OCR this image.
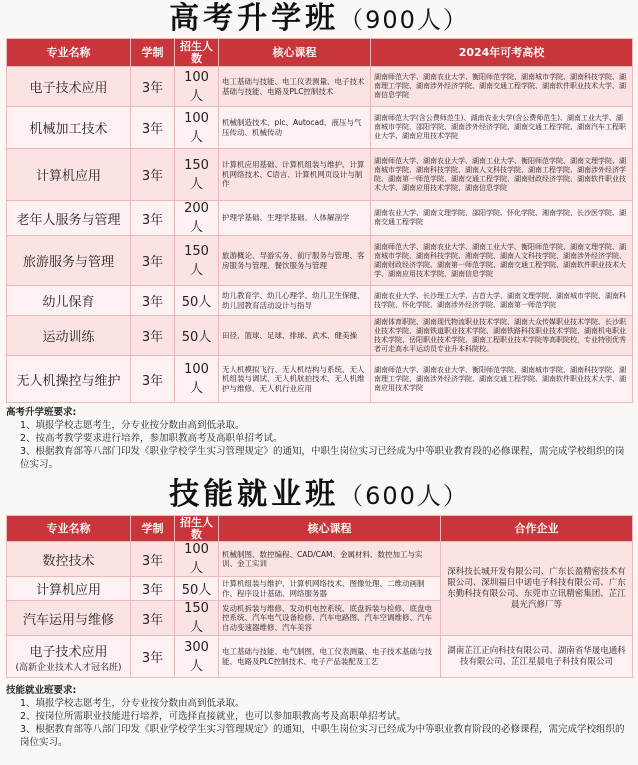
高考升学班（900人）
专业名称	学制	招生人数	核心课程	2024年可考高校
电子技术应用	3年	100人	电工基础与技能、电工仪表测量、电子技术基础与技能、电路及PLC控制技术	湖南师范大学、湖南农业大学、衡阳师范学院、湖南城市学院、湖南科技学院、湖南理工学院、湖南涉外经济学院、湖南交通工程学院、湖南软件职业技术大学、湖南信息学院
机械加工技术	3年	100人	机械制造技术、plc、Autocad、液压与气压传动、机械传动	湖南师范大学(含公费师范生)、湖南农业大学(含公费师范生)、湖南工业大学、湖南城市学院、邵阳学院、湖南涉外经济学院、湖南交通工程学院、湖南汽车工程职业大学、湖南应用技术学院
计算机应用	3年	150人	计算机应用基础、计算机组装与维护、计算机网络技术、C语言、计算机网页设计与制作	湖南师范大学、湖南农业大学、湖南工业大学、衡阳师范学院、湖南文理学院、湖南城市学院、湖南科技学院、湖南人文科技学院、湖南工程学院、湖南涉外经济学院、湖南第一师范学院、湖南交通工程学院、湖南财政经济学院、湖南软件职业技术大学、湖南应用技术学院、湖南信息学院
老年人服务与管理	3年	200人	护理学基础、生理学基础、人体解剖学	湖南农业大学、湖南文理学院、邵阳学院、怀化学院、湘南学院、长沙医学院、湖南交通工程学院
旅游服务与管理	3年	150人	旅游概论、导游实务、前厅服务与管理、客房服务与管理、餐饮服务与管理	湖南师范大学、湖南农业大学、湖南工业大学、衡阳师范学院、湖南文理学院、湖南城市学院、湖南科技学院、湘南学院、湖南人文科技学院、湖南涉外经济学院、湖南财政经济学院、湖南第一师范学院、湖南交通工程学院、湖南软件职业技术大学、湖南应用技术学院、湖南信息学院
幼儿保育	3年	50人	幼儿教育学、幼儿心理学、幼儿卫生保健、幼儿园教育活动设计与指导	湖南农业大学、长沙理工大学、吉首大学、湖南文理学院、湖南城市学院、湖南科技学院、怀化学院、湖南涉外经济学院、湖南第一师范学院
运动训练	3年	50人	田径、篮球、足球、排球、武术、健美操	湖南体育职院、湖南现代物流职业技术学院、湖南大众传媒职业技术学院、长沙职业技术学院、湖南铁道职业技术学院、湖南铁路科技职业技术学院、湖南机电职业技术学院、岳阳职业技术学院、湖南工程职业技术学院等高职院校，专业特别优秀者可走高水平运动员专业升本科院校。
无人机操控与维护	3年	100人	无人机模拟飞行、无人机结构与系统、无人机组装与调试、无人机航拍技术、无人机维护与维修、无人机行业应用	湖南师范大学、湖南农业大学、衡阳师范学院、湖南城市学院、湖南科技学院、湖南理工学院、湖南涉外经济学院、湖南交通工程学院、湖南软件职业技术大学、湖南应用技术学院
高考升学班要求:
1、填报学校志愿考生，分专业按分数由高到低录取。
2、按高考教学要求进行培养，参加职教高考及高职单招考试。
3、根据教育部等八部门印发《职业学校学生实习管理规定》的通知，中职生岗位实习已经成为中等职业教育段的必修课程，需完成学校组织的岗位实习。
技能就业班（600人）
专业名称	学制	招生人数	核心课程	合作企业
数控技术	3年	100人	机械制图、数控编程、CAD/CAM、金属材料、数控加工与实训、金工实训	深科技长城开发有限公司、广东长盈精密技术有限公司、深圳福日中诺电子科技有限公司、广东东勤科技有限公司、东莞市立讯精密集团、芷江晨光汽修厂等
计算机应用	3年	50人	计算机组装与维护、计算机网络技术、图像处理、二维动画制作、程序设计基础、网络服务器	
汽车运用与维修	3年	150人	发动机拆装与维修、发动机电控系统、底盘拆装与检修、底盘电控系统、汽车电气设备检修、汽车电路图、汽车空调维修、汽车自动变速器维修、汽车美容	
电子技术应用
(高新企业技术人才冠名班)	3年	300人	电工基础与技能、电气制图、电工仪表测量、电子技术基础与技能、电路及PLC控制技术、电子产品装配及工艺	湖南芷江正向科技有限公司、湖南省华晟电通科技有限公司、芷江星晨电子科技有限公司
技能就业班要求:
1、填报学校志愿考生，分专业按分数由高到低录取。
2、按岗位所需职业技能进行培养，可选择直接就业，也可以参加职教高考及高职单招考试。
3、根据教育部等八部门印发《职业学校学生实习管理规定》的通知，中职生岗位实习已经成为中等职业教育阶段的必修课程，需完成学校组织的岗位实习。
